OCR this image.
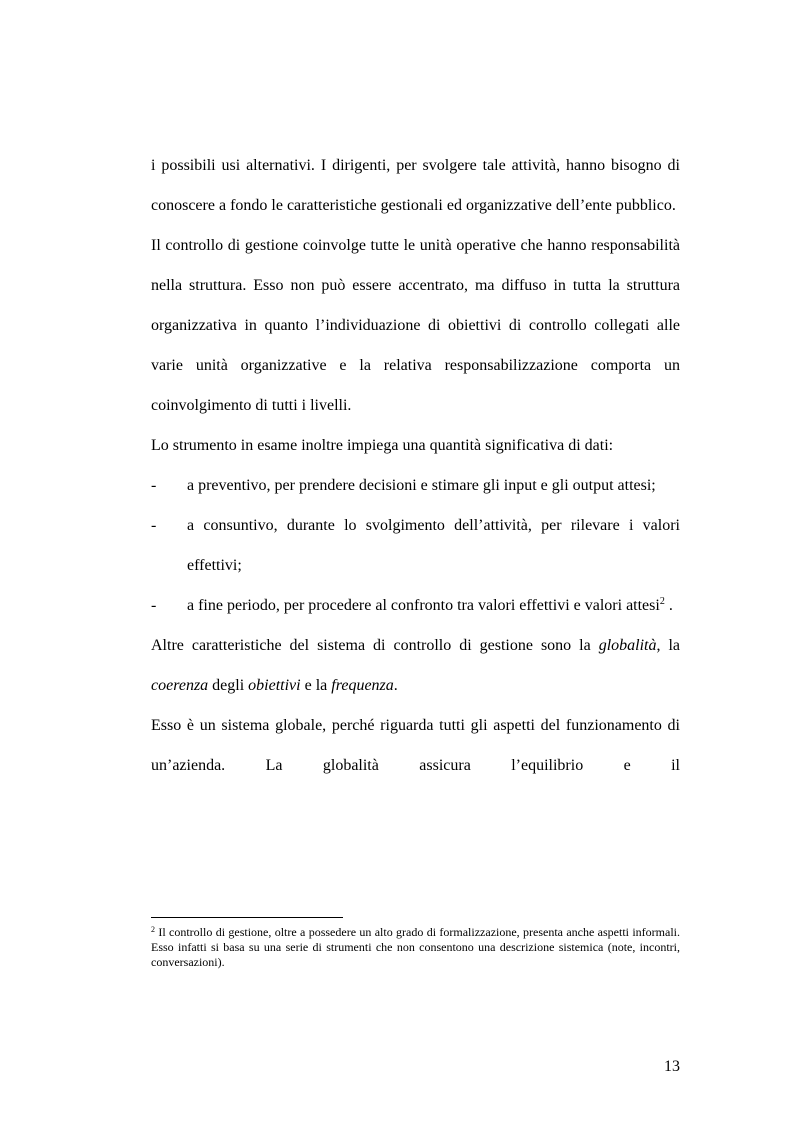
i possibili usi alternativi. I dirigenti, per svolgere tale attività, hanno bisogno di conoscere a fondo le caratteristiche gestionali ed organizzative dell’ente pubblico.

Il controllo di gestione coinvolge tutte le unità operative che hanno responsabilità nella struttura. Esso non può essere accentrato, ma diffuso in tutta la struttura organizzativa in quanto l’individuazione di obiettivi di controllo collegati alle varie unità organizzative e la relativa responsabilizzazione comporta un coinvolgimento di tutti i livelli.

Lo strumento in esame inoltre impiega una quantità significativa di dati:

- a preventivo, per prendere decisioni e stimare gli input e gli output attesi;
- a consuntivo, durante lo svolgimento dell’attività, per rilevare i valori effettivi;
- a fine periodo, per procedere al confronto tra valori effettivi e valori attesi$^2$ .

Altre caratteristiche del sistema di controllo di gestione sono la globalità, la coerenza degli obiettivi e la frequenza.

Esso è un sistema globale, perché riguarda tutti gli aspetti del funzionamento di un’azienda. La globalità assicura l’equilibrio e il

$^2$ Il controllo di gestione, oltre a possedere un alto grado di formalizzazione, presenta anche aspetti informali. Esso infatti si basa su una serie di strumenti che non consentono una descrizione sistemica (note, incontri, conversazioni).

13
